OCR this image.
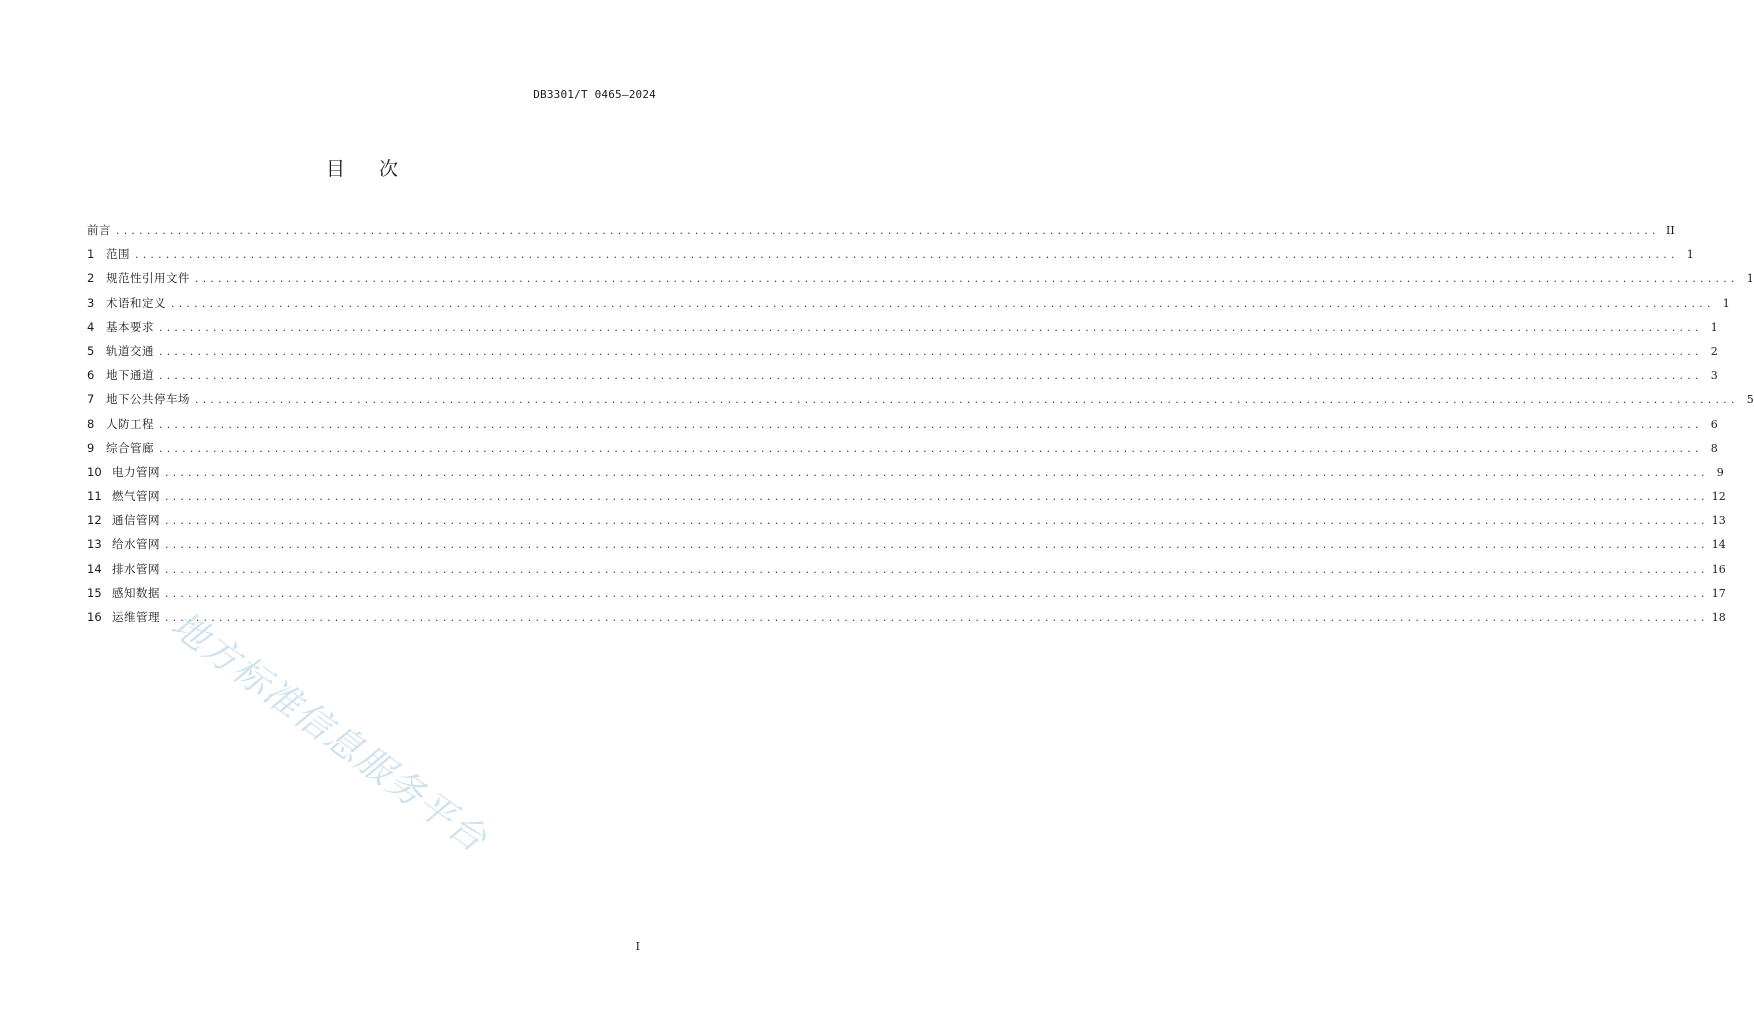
DB3301/T 0465—2024
目 次
前言 ........................................................................................................................................................................................................ II
1	范围 ........................................................................................................................................................................................................ 1
2	规范性引用文件 ........................................................................................................................................................................................................ 1
3	术语和定义 ........................................................................................................................................................................................................ 1
4	基本要求 ........................................................................................................................................................................................................ 1
5	轨道交通 ........................................................................................................................................................................................................ 2
6	地下通道 ........................................................................................................................................................................................................ 3
7	地下公共停车场 ........................................................................................................................................................................................................ 5
8	人防工程 ........................................................................................................................................................................................................ 6
9	综合管廊 ........................................................................................................................................................................................................ 8
10 电力管网 ........................................................................................................................................................................................................ 9
11 燃气管网 ........................................................................................................................................................................................................ 12
12 通信管网 ........................................................................................................................................................................................................ 13
13 给水管网 ........................................................................................................................................................................................................ 14
14 排水管网 ........................................................................................................................................................................................................ 16
15 感知数据 ........................................................................................................................................................................................................ 17
16 运维管理 ........................................................................................................................................................................................................ 18
地方标准信息服务平台
I
